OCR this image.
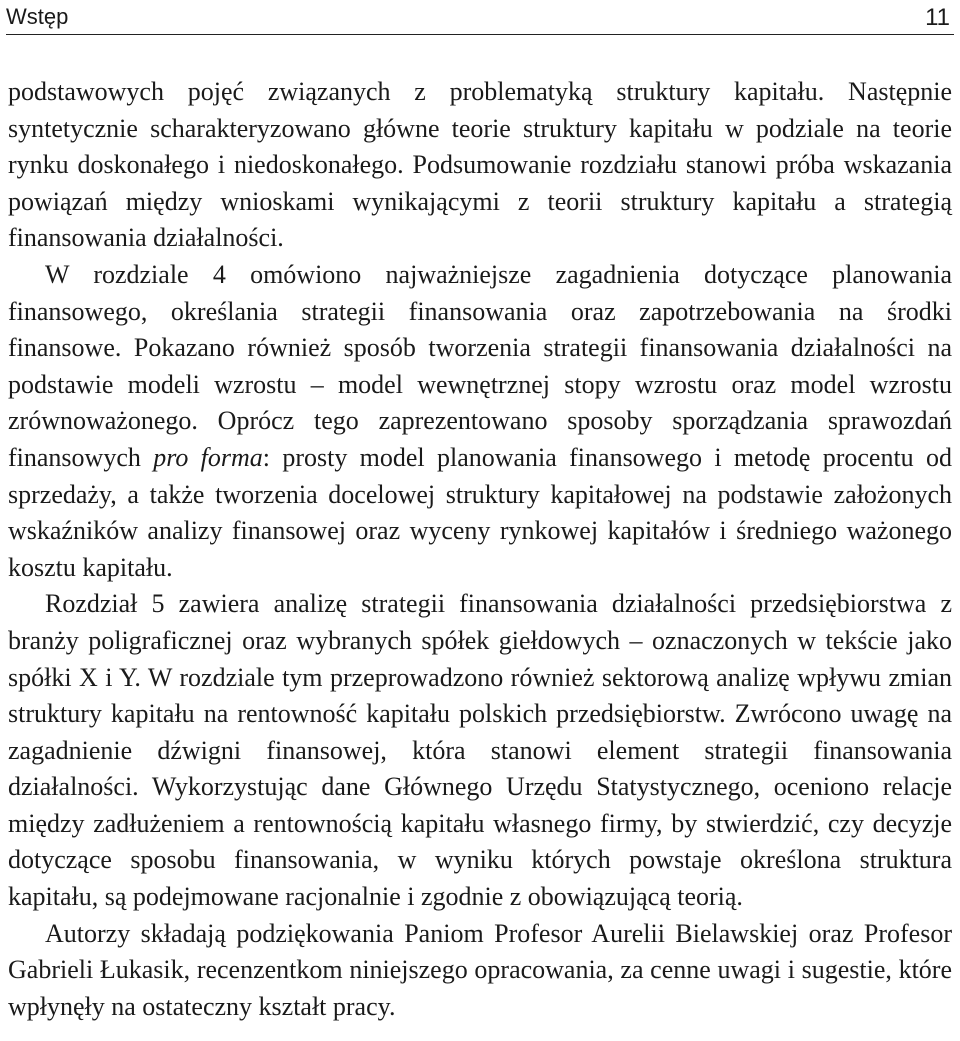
Wstęp	11

podstawowych pojęć związanych z problematyką struktury kapitału. Następnie syntetycznie scharakteryzowano główne teorie struktury kapitału w podziale na teorie rynku doskonałego i niedoskonałego. Podsumowanie rozdziału stanowi próba wskazania powiązań między wnioskami wynikającymi z teorii struktury kapitału a strategią finansowania działalności.

W rozdziale 4 omówiono najważniejsze zagadnienia dotyczące planowania finansowego, określania strategii finansowania oraz zapotrzebowania na środki finansowe. Pokazano również sposób tworzenia strategii finansowania działalności na podstawie modeli wzrostu – model wewnętrznej stopy wzrostu oraz model wzrostu zrównoważonego. Oprócz tego zaprezentowano sposoby sporządzania sprawozdań finansowych pro forma: prosty model planowania finansowego i metodę procentu od sprzedaży, a także tworzenia docelowej struktury kapitałowej na podstawie założonych wskaźników analizy finansowej oraz wyceny rynkowej kapitałów i średniego ważonego kosztu kapitału.

Rozdział 5 zawiera analizę strategii finansowania działalności przedsiębiorstwa z branży poligraficznej oraz wybranych spółek giełdowych – oznaczonych w tekście jako spółki X i Y. W rozdziale tym przeprowadzono również sektorową analizę wpływu zmian struktury kapitału na rentowność kapitału polskich przedsiębiorstw. Zwrócono uwagę na zagadnienie dźwigni finansowej, która stanowi element strategii finansowania działalności. Wykorzystując dane Głównego Urzędu Statystycznego, oceniono relacje między zadłużeniem a rentownością kapitału własnego firmy, by stwierdzić, czy decyzje dotyczące sposobu finansowania, w wyniku których powstaje określona struktura kapitału, są podejmowane racjonalnie i zgodnie z obowiązującą teorią.

Autorzy składają podziękowania Paniom Profesor Aurelii Bielawskiej oraz Profesor Gabrieli Łukasik, recenzentkom niniejszego opracowania, za cenne uwagi i sugestie, które wpłynęły na ostateczny kształt pracy.
